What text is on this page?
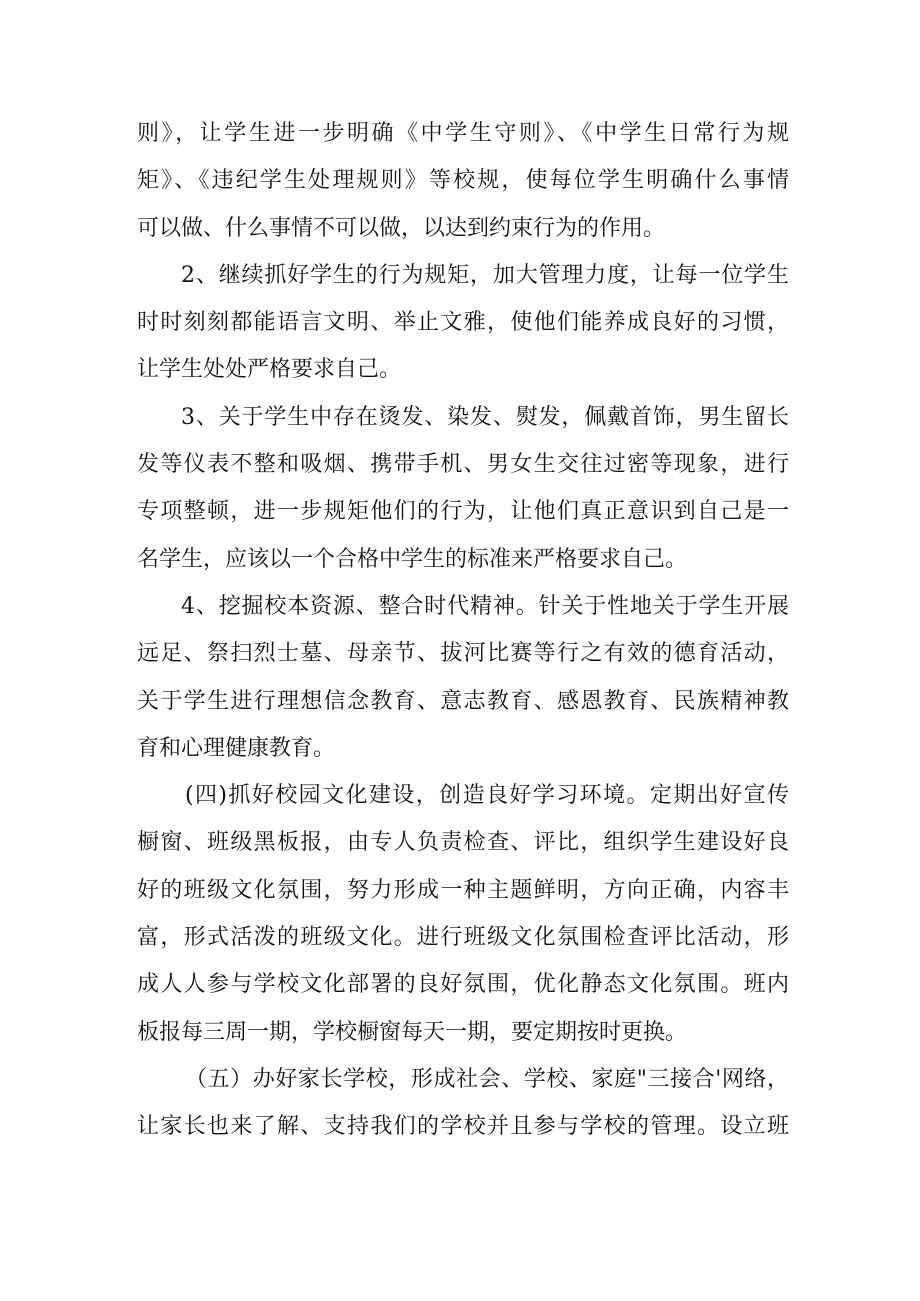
则》，让学生进一步明确《中学生守则》、《中学生日常行为规
矩》、《违纪学生处理规则》等校规，使每位学生明确什么事情
可以做、什么事情不可以做，以达到约束行为的作用。
2、继续抓好学生的行为规矩，加大管理力度，让每一位学生
时时刻刻都能语言文明、举止文雅，使他们能养成良好的习惯，
让学生处处严格要求自己。
3、关于学生中存在烫发、染发、熨发，佩戴首饰，男生留长
发等仪表不整和吸烟、携带手机、男女生交往过密等现象，进行
专项整顿，进一步规矩他们的行为，让他们真正意识到自己是一
名学生，应该以一个合格中学生的标准来严格要求自己。
4、挖掘校本资源、整合时代精神。针关于性地关于学生开展
远足、祭扫烈士墓、母亲节、拔河比赛等行之有效的德育活动，
关于学生进行理想信念教育、意志教育、感恩教育、民族精神教
育和心理健康教育。
(四)抓好校园文化建设，创造良好学习环境。定期出好宣传
橱窗、班级黑板报，由专人负责检查、评比，组织学生建设好良
好的班级文化氛围，努力形成一种主题鲜明，方向正确，内容丰
富，形式活泼的班级文化。进行班级文化氛围检查评比活动，形
成人人参与学校文化部署的良好氛围，优化静态文化氛围。班内
板报每三周一期，学校橱窗每天一期，要定期按时更换。
（五）办好家长学校，形成社会、学校、家庭"三接合'网络，
让家长也来了解、支持我们的学校并且参与学校的管理。设立班
